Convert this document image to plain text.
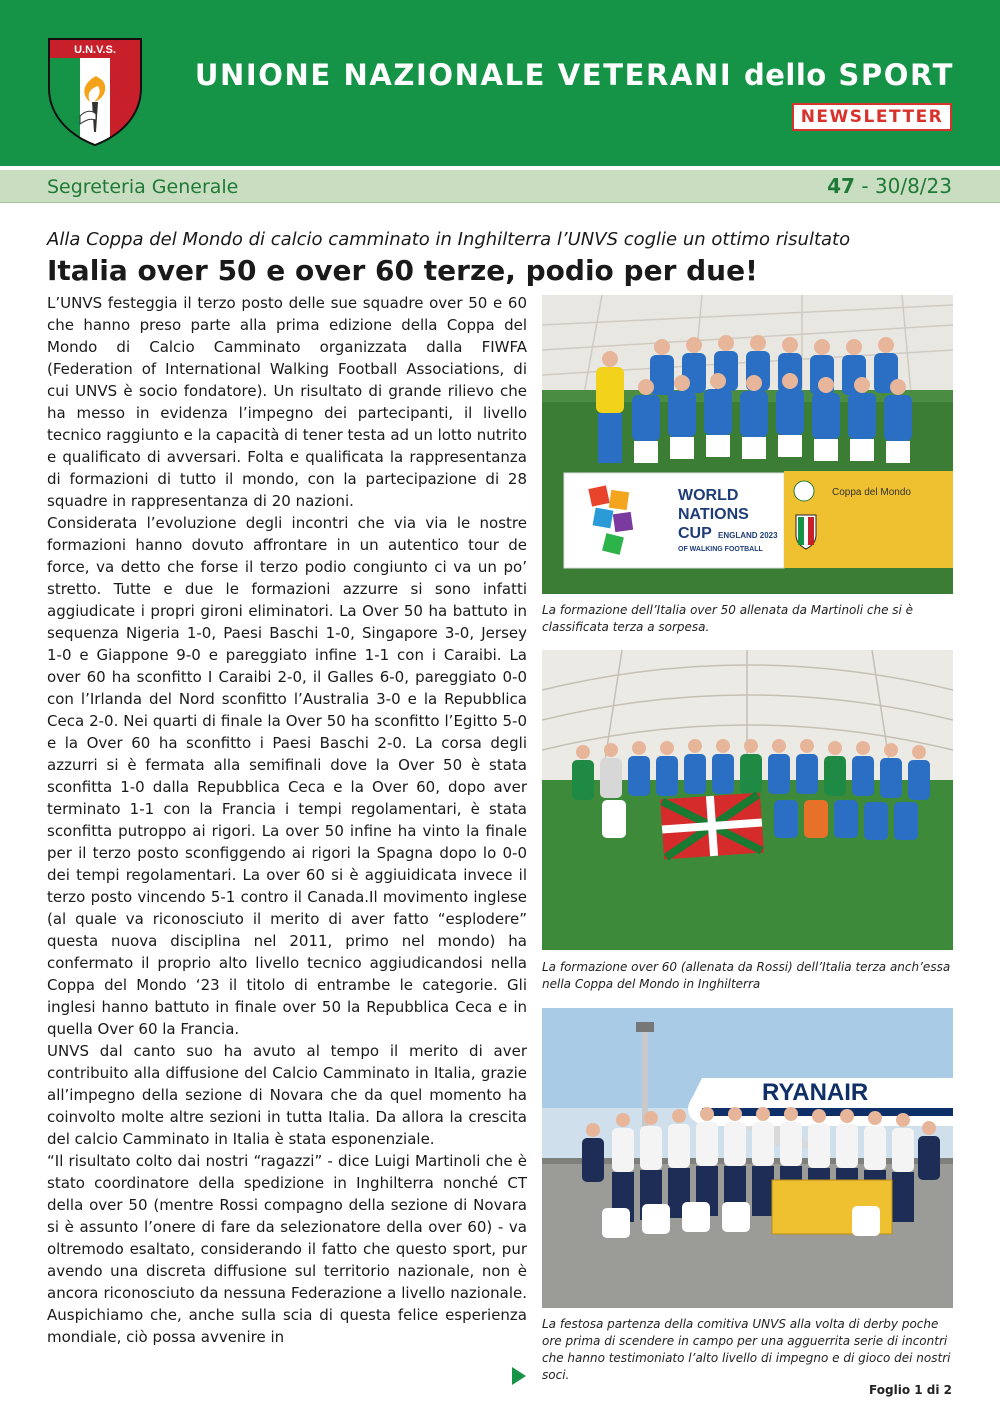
U.N.V.S.
UNIONE NAZIONALE VETERANI dello SPORT
NEWSLETTER
Segreteria Generale	47 - 30/8/23
Alla Coppa del Mondo di calcio camminato in Inghilterra l’UNVS coglie un ottimo risultato
Italia over 50 e over 60 terze, podio per due!

L’UNVS festeggia il terzo posto delle sue squadre over 50 e 60 che hanno preso parte alla prima edizione della Coppa del Mondo di Calcio Camminato organizzata dalla FIWFA (Federation of International Walking Football Associations, di cui UNVS è socio fondatore). Un risultato di grande rilievo che ha messo in evidenza l’impegno dei partecipanti, il livello tecnico raggiunto e la capacità di tener testa ad un lotto nutrito e qualificato di avversari. Folta e qualificata la rappresentanza di formazioni di tutto il mondo, con la partecipazione di 28 squadre in rappresentanza di 20 nazioni.

Considerata l’evoluzione degli incontri che via via le nostre formazioni hanno dovuto affrontare in un autentico tour de force, va detto che forse il terzo podio congiunto ci va un po’ stretto. Tutte e due le formazioni azzurre si sono infatti aggiudicate i propri gironi eliminatori. La Over 50 ha battuto in sequenza Nigeria 1-0, Paesi Baschi 1-0, Singapore 3-0, Jersey 1-0 e Giappone 9-0 e pareggiato infine 1-1 con i Caraibi. La over 60 ha sconfitto I Caraibi 2-0, il Galles 6-0, pareggiato 0-0 con l’Irlanda del Nord sconfitto l’Australia 3-0 e la Repubblica Ceca 2-0. Nei quarti di finale la Over 50 ha sconfitto l’Egitto 5-0 e la Over 60 ha sconfitto i Paesi Baschi 2-0. La corsa degli azzurri si è fermata alla semifinali dove la Over 50 è stata sconfitta 1-0 dalla Repubblica Ceca e la Over 60, dopo aver terminato 1-1 con la Francia i tempi regolamentari, è stata sconfitta putroppo ai rigori. La over 50 infine ha vinto la finale per il terzo posto sconfiggendo ai rigori la Spagna dopo lo 0-0 dei tempi regolamentari. La over 60 si è aggiuidicata invece il terzo posto vincendo 5-1 contro il Canada.Il movimento inglese (al quale va riconosciuto il merito di aver fatto “esplodere” questa nuova disciplina nel 2011, primo nel mondo) ha confermato il proprio alto livello tecnico aggiudicandosi nella Coppa del Mondo ‘23 il titolo di entrambe le categorie. Gli inglesi hanno battuto in finale over 50 la Repubblica Ceca e in quella Over 60 la Francia.

UNVS dal canto suo ha avuto al tempo il merito di aver contribuito alla diffusione del Calcio Camminato in Italia, grazie all’impegno della sezione di Novara che da quel momento ha coinvolto molte altre sezioni in tutta Italia. Da allora la crescita del calcio Camminato in Italia è stata esponenziale.

“Il risultato colto dai nostri “ragazzi” - dice Luigi Martinoli che è stato coordinatore della spedizione in Inghilterra nonché CT della over 50 (mentre Rossi compagno della sezione di Novara si è assunto l’onere di fare da selezionatore della over 60) - va oltremodo esaltato, considerando il fatto che questo sport, pur avendo una discreta diffusione sul territorio nazionale, non è ancora riconosciuto da nessuna Federazione a livello nazionale. Auspichiamo che, anche sulla scia di questa felice esperienza mondiale, ciò possa avvenire in

WORLD
NATIONS
CUP ENGLAND 2023
OF WALKING FOOTBALL
Coppa del Mondo
La formazione dell’Italia over 50 allenata da Martinoli che si è classificata terza a sorpesa.
La formazione over 60 (allenata da Rossi) dell’Italia terza anch’essa nella Coppa del Mondo in Inghilterra
RYANAIR
La festosa partenza della comitiva UNVS alla volta di derby poche ore prima di scendere in campo per una agguerrita serie di incontri che hanno testimoniato l’alto livello di impegno e di gioco dei nostri soci.
Foglio 1 di 2
